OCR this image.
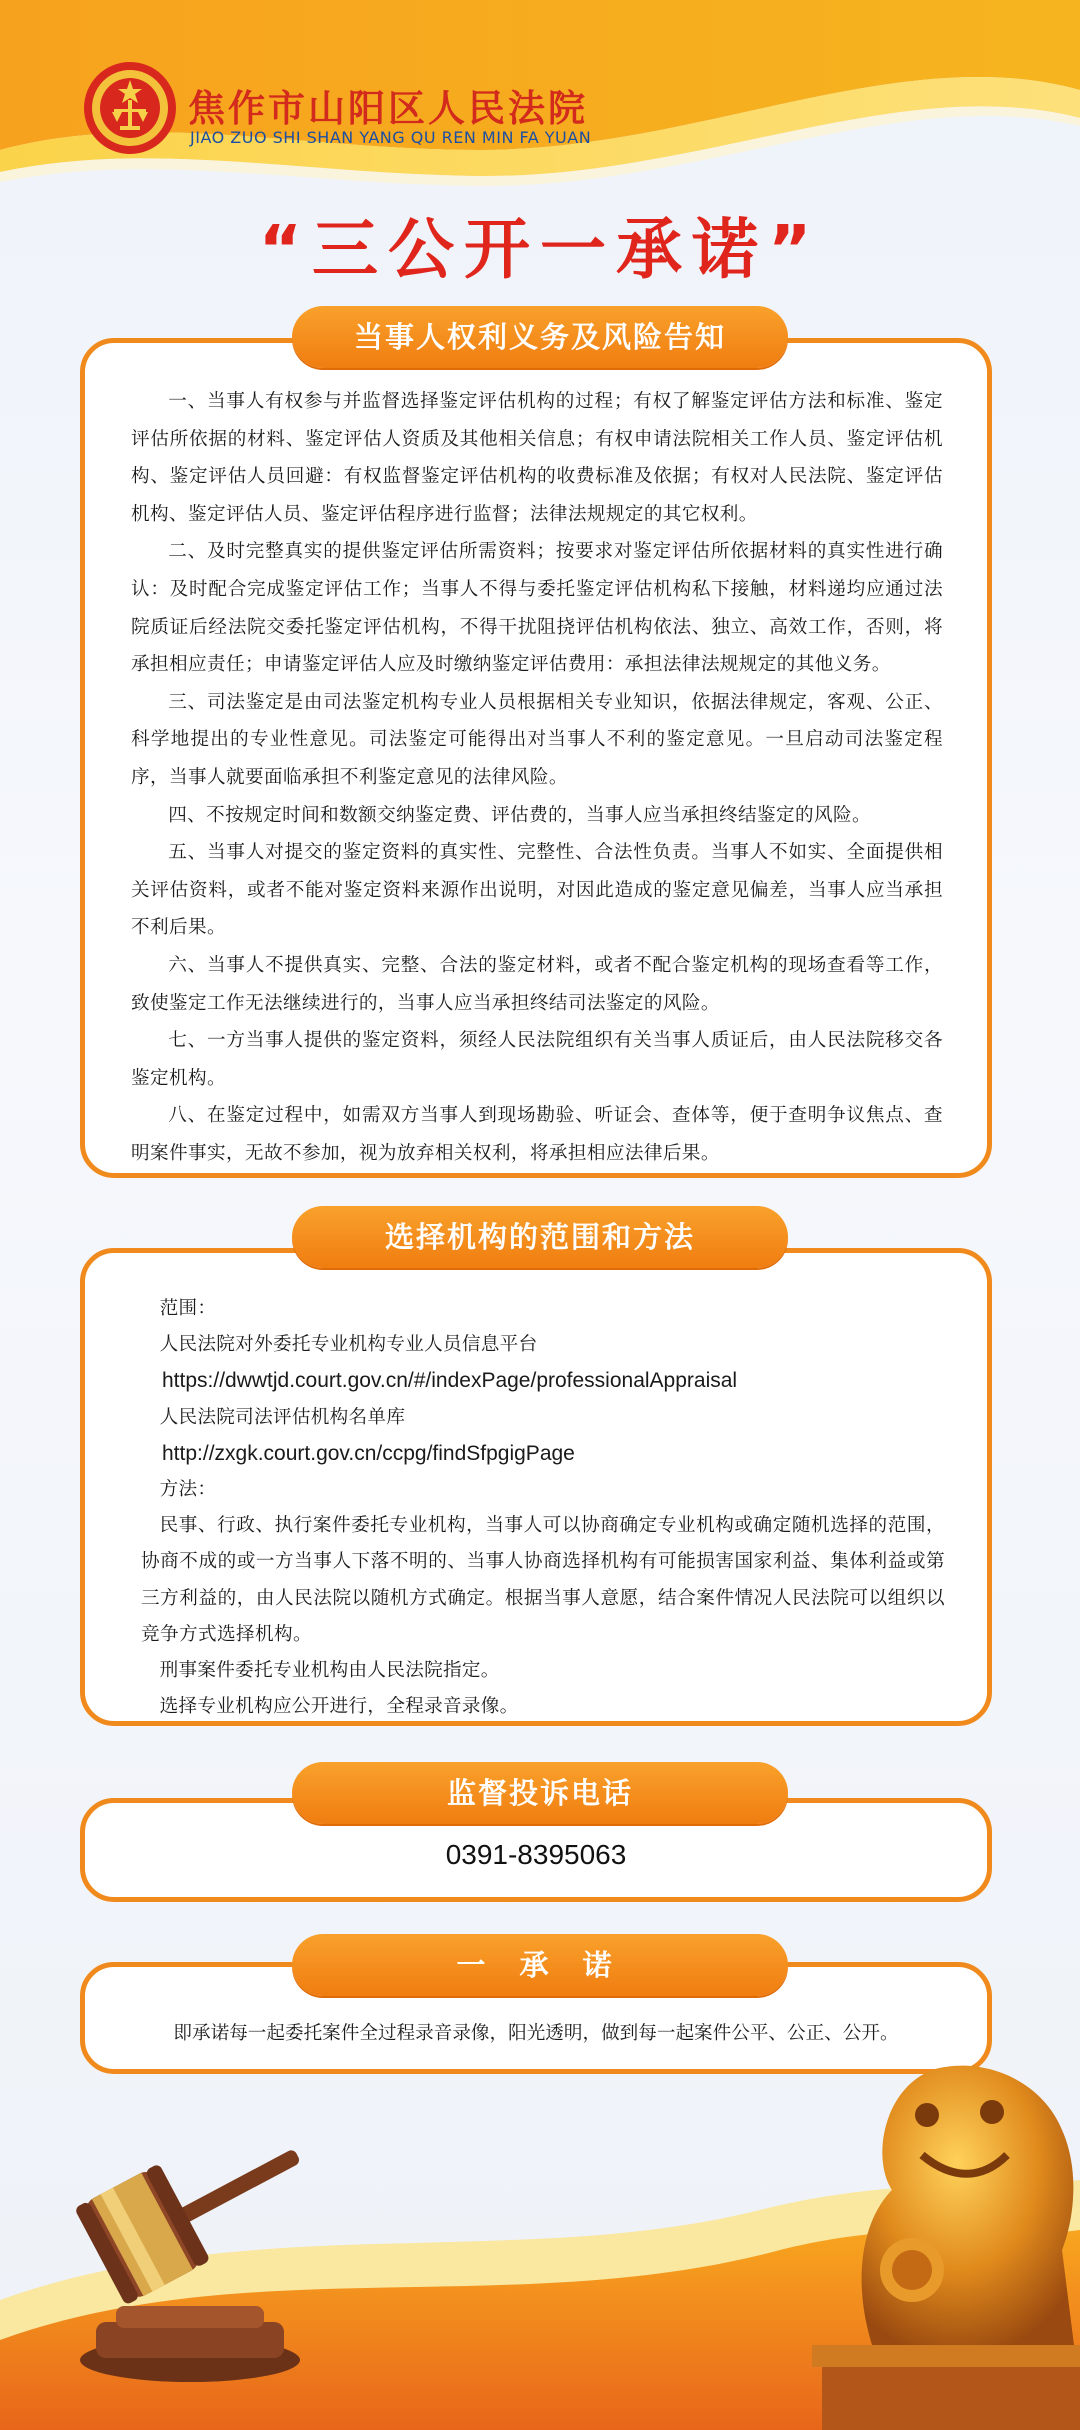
焦作市山阳区人民法院
JIAO ZUO SHI SHAN YANG QU REN MIN FA YUAN
“三公开一承诺”

一、当事人有权参与并监督选择鉴定评估机构的过程；有权了解鉴定评估方法和标准、鉴定评估所依据的材料、鉴定评估人资质及其他相关信息；有权申请法院相关工作人员、鉴定评估机构、鉴定评估人员回避：有权监督鉴定评估机构的收费标准及依据；有权对人民法院、鉴定评估机构、鉴定评估人员、鉴定评估程序进行监督；法律法规规定的其它权利。

二、及时完整真实的提供鉴定评估所需资料；按要求对鉴定评估所依据材料的真实性进行确认：及时配合完成鉴定评估工作；当事人不得与委托鉴定评估机构私下接触，材料递均应通过法院质证后经法院交委托鉴定评估机构，不得干扰阻挠评估机构依法、独立、高效工作，否则，将承担相应责任；申请鉴定评估人应及时缴纳鉴定评估费用：承担法律法规规定的其他义务。

三、司法鉴定是由司法鉴定机构专业人员根据相关专业知识，依据法律规定，客观、公正、科学地提出的专业性意见。司法鉴定可能得出对当事人不利的鉴定意见。一旦启动司法鉴定程序，当事人就要面临承担不利鉴定意见的法律风险。

四、不按规定时间和数额交纳鉴定费、评估费的，当事人应当承担终结鉴定的风险。

五、当事人对提交的鉴定资料的真实性、完整性、合法性负责。当事人不如实、全面提供相关评估资料，或者不能对鉴定资料来源作出说明，对因此造成的鉴定意见偏差，当事人应当承担不利后果。

六、当事人不提供真实、完整、合法的鉴定材料，或者不配合鉴定机构的现场查看等工作，致使鉴定工作无法继续进行的，当事人应当承担终结司法鉴定的风险。

七、一方当事人提供的鉴定资料，须经人民法院组织有关当事人质证后，由人民法院移交各鉴定机构。

八、在鉴定过程中，如需双方当事人到现场勘验、听证会、查体等，便于查明争议焦点、查明案件事实，无故不参加，视为放弃相关权利，将承担相应法律后果。

当事人权利义务及风险告知
范围：
人民法院对外委托专业机构专业人员信息平台
https://dwwtjd.court.gov.cn/#/indexPage/professionalAppraisal
人民法院司法评估机构名单库
http://zxgk.court.gov.cn/ccpg/findSfpgigPage
方法：

民事、行政、执行案件委托专业机构，当事人可以协商确定专业机构或确定随机选择的范围，协商不成的或一方当事人下落不明的、当事人协商选择机构有可能损害国家利益、集体利益或第三方利益的，由人民法院以随机方式确定。根据当事人意愿，结合案件情况人民法院可以组织以竞争方式选择机构。

刑事案件委托专业机构由人民法院指定。
选择专业机构应公开进行，全程录音录像。
选择机构的范围和方法
0391-8395063
监督投诉电话
即承诺每一起委托案件全过程录音录像，阳光透明，做到每一起案件公平、公正、公开。
一 承 诺
